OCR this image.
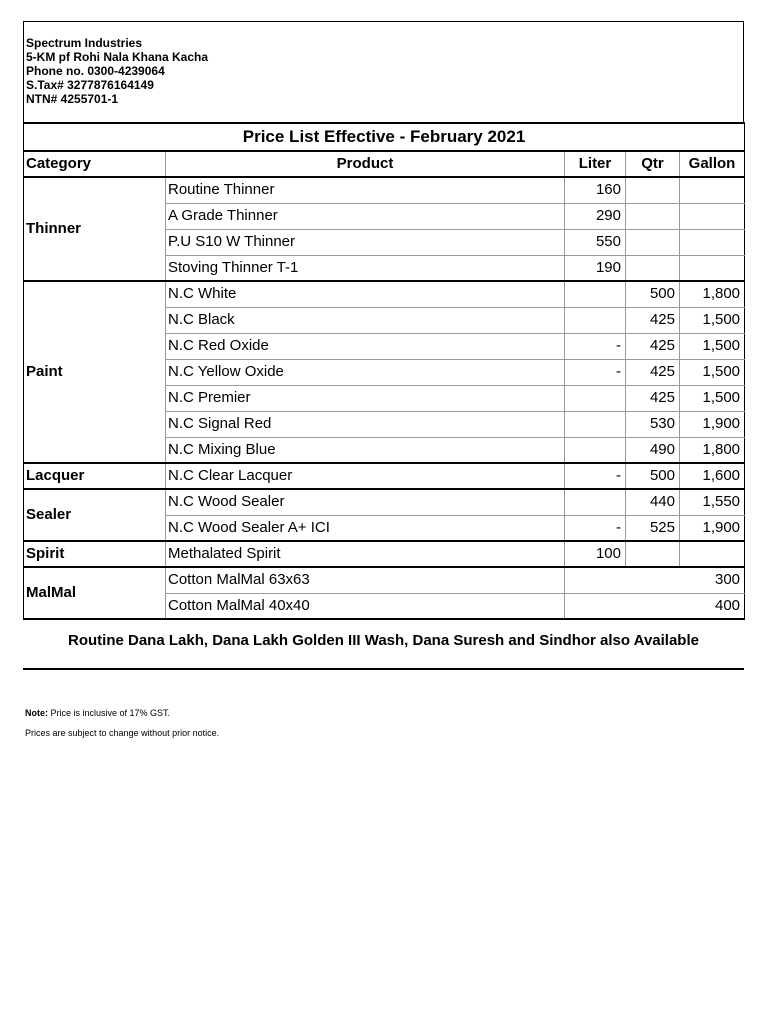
Spectrum Industries
5-KM pf Rohi Nala Khana Kacha
Phone no. 0300-4239064
S.Tax# 3277876164149
NTN# 4255701-1
Price List Effective - February 2021				
Category	Product	Liter	Qtr	Gallon
Thinner	Routine Thinner	160		
	A Grade Thinner	290		
	P.U S10 W Thinner	550		
	Stoving Thinner T-1	190		
Paint	N.C White		500	1,800
	N.C Black		425	1,500
	N.C Red Oxide	-	425	1,500
	N.C Yellow Oxide	-	425	1,500
	N.C Premier		425	1,500
	N.C Signal Red		530	1,900
	N.C Mixing Blue		490	1,800
Lacquer	N.C Clear Lacquer	-	500	1,600
Sealer	N.C Wood Sealer		440	1,550
	N.C Wood Sealer A+ ICI	-	525	1,900
Spirit	Methalated Spirit	100		
MalMal	Cotton MalMal 63x63	300		
	Cotton MalMal 40x40	400		
Routine Dana Lakh, Dana Lakh Golden III Wash, Dana Suresh and Sindhor also Available
Note: Price is inclusive of 17% GST.
Prices are subject to change without prior notice.
